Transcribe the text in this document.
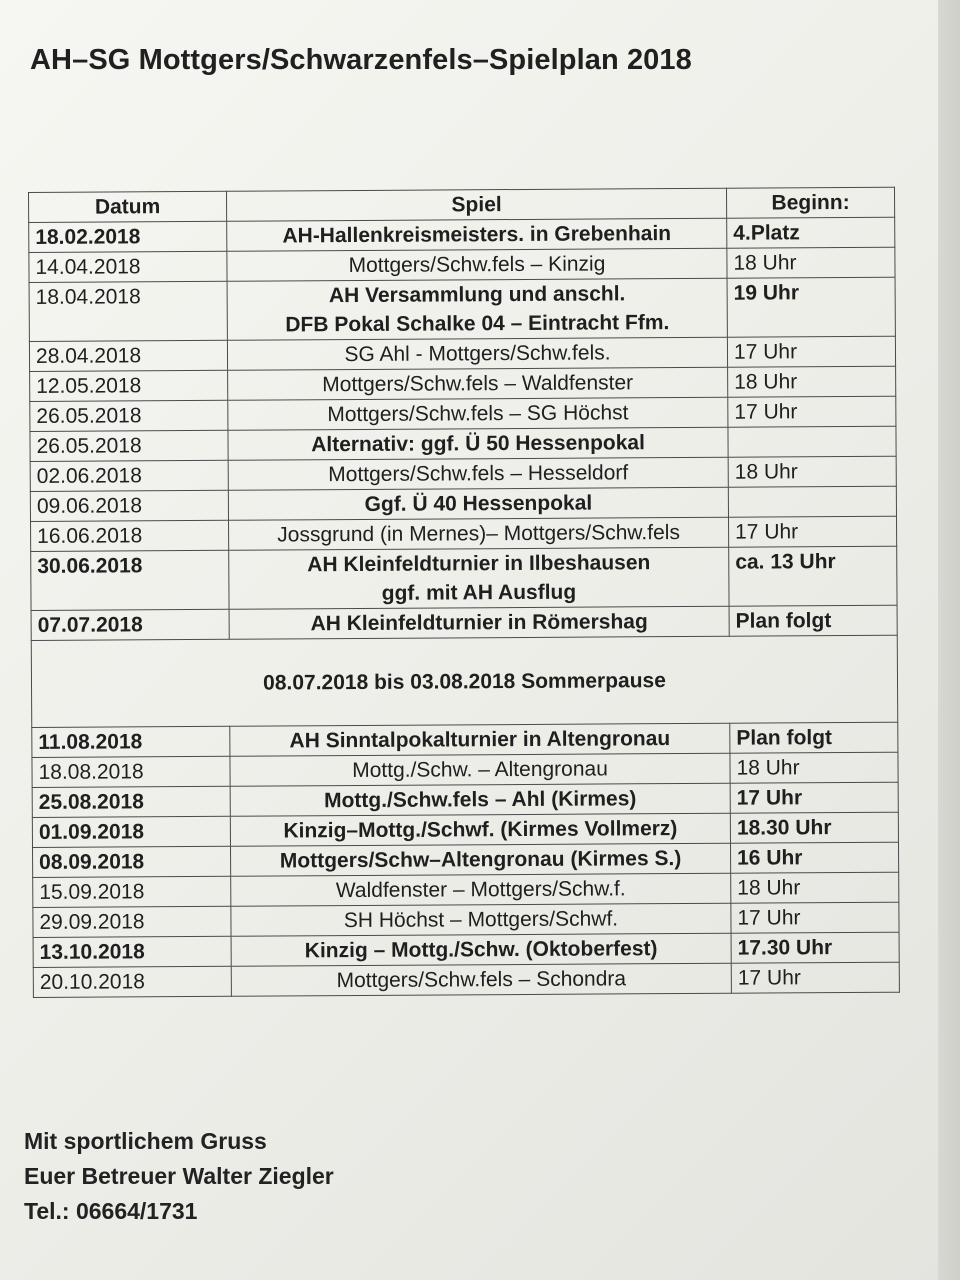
AH–SG Mottgers/Schwarzenfels–Spielplan 2018
Datum	Spiel	Beginn:
18.02.2018	AH-Hallenkreismeisters. in Grebenhain	4.Platz
14.04.2018	Mottgers/Schw.fels – Kinzig	18 Uhr
18.04.2018	AH Versammlung und anschl.
DFB Pokal Schalke 04 – Eintracht Ffm.	19 Uhr
28.04.2018	SG Ahl - Mottgers/Schw.fels.	17 Uhr
12.05.2018	Mottgers/Schw.fels – Waldfenster	18 Uhr
26.05.2018	Mottgers/Schw.fels – SG Höchst	17 Uhr
26.05.2018	Alternativ: ggf. Ü 50 Hessenpokal	

02.06.2018	Mottgers/Schw.fels – Hesseldorf	18 Uhr
09.06.2018	Ggf. Ü 40 Hessenpokal	

16.06.2018	Jossgrund (in Mernes)– Mottgers/Schw.fels	17 Uhr
30.06.2018	AH Kleinfeldturnier in Ilbeshausen
ggf. mit AH Ausflug	ca. 13 Uhr
07.07.2018	AH Kleinfeldturnier in Römershag	Plan folgt
08.07.2018 bis 03.08.2018 Sommerpause		
11.08.2018	AH Sinntalpokalturnier in Altengronau	Plan folgt
18.08.2018	Mottg./Schw. – Altengronau	18 Uhr
25.08.2018	Mottg./Schw.fels – Ahl (Kirmes)	17 Uhr
01.09.2018	Kinzig–Mottg./Schwf. (Kirmes Vollmerz)	18.30 Uhr
08.09.2018	Mottgers/Schw–Altengronau (Kirmes S.)	16 Uhr
15.09.2018	Waldfenster – Mottgers/Schw.f.	18 Uhr
29.09.2018	SH Höchst – Mottgers/Schwf.	17 Uhr
13.10.2018	Kinzig – Mottg./Schw. (Oktoberfest)	17.30 Uhr
20.10.2018	Mottgers/Schw.fels – Schondra	17 Uhr
Mit sportlichem Gruss
Euer Betreuer Walter Ziegler
Tel.: 06664/1731
